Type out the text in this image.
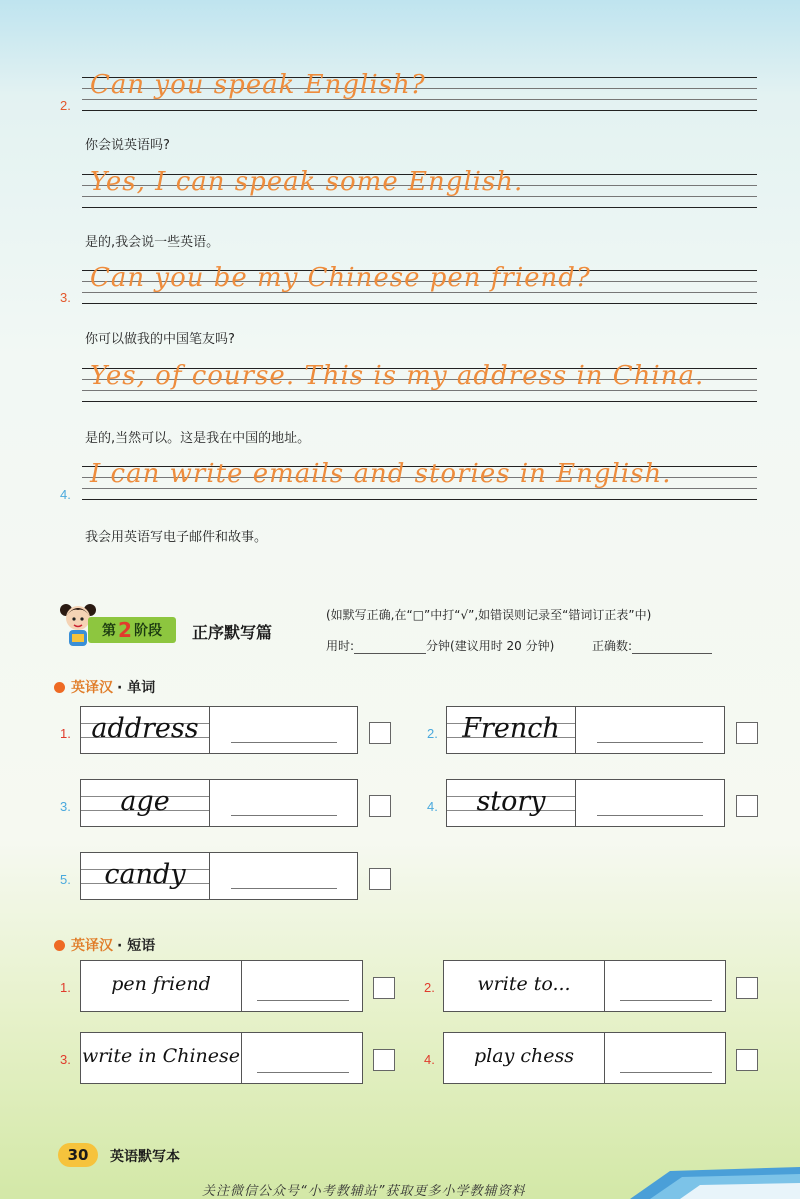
2.
Can you speak English?
你会说英语吗?
Yes, I can speak some English.
是的,我会说一些英语。
3.
Can you be my Chinese pen friend?
你可以做我的中国笔友吗?
Yes, of course. This is my address in China.
是的,当然可以。这是我在中国的地址。
4.
I can write emails and stories in English.
我会用英语写电子邮件和故事。
第 2 阶段 正序默写篇
(如默写正确,在“□”中打“√”,如错误则记录至“错词订正表”中)
用时:	分钟(建议用时 20 分钟)	正确数:
英译汉 · 单词
1. address	2. French
3.	age	4.	story
5.	candy
英译汉 · 短语
1.	pen friend	2.	write to...
3. write in Chinese	4.	play chess
30	英语默写本
关注微信公众号“小考教辅站”获取更多小学教辅资料
